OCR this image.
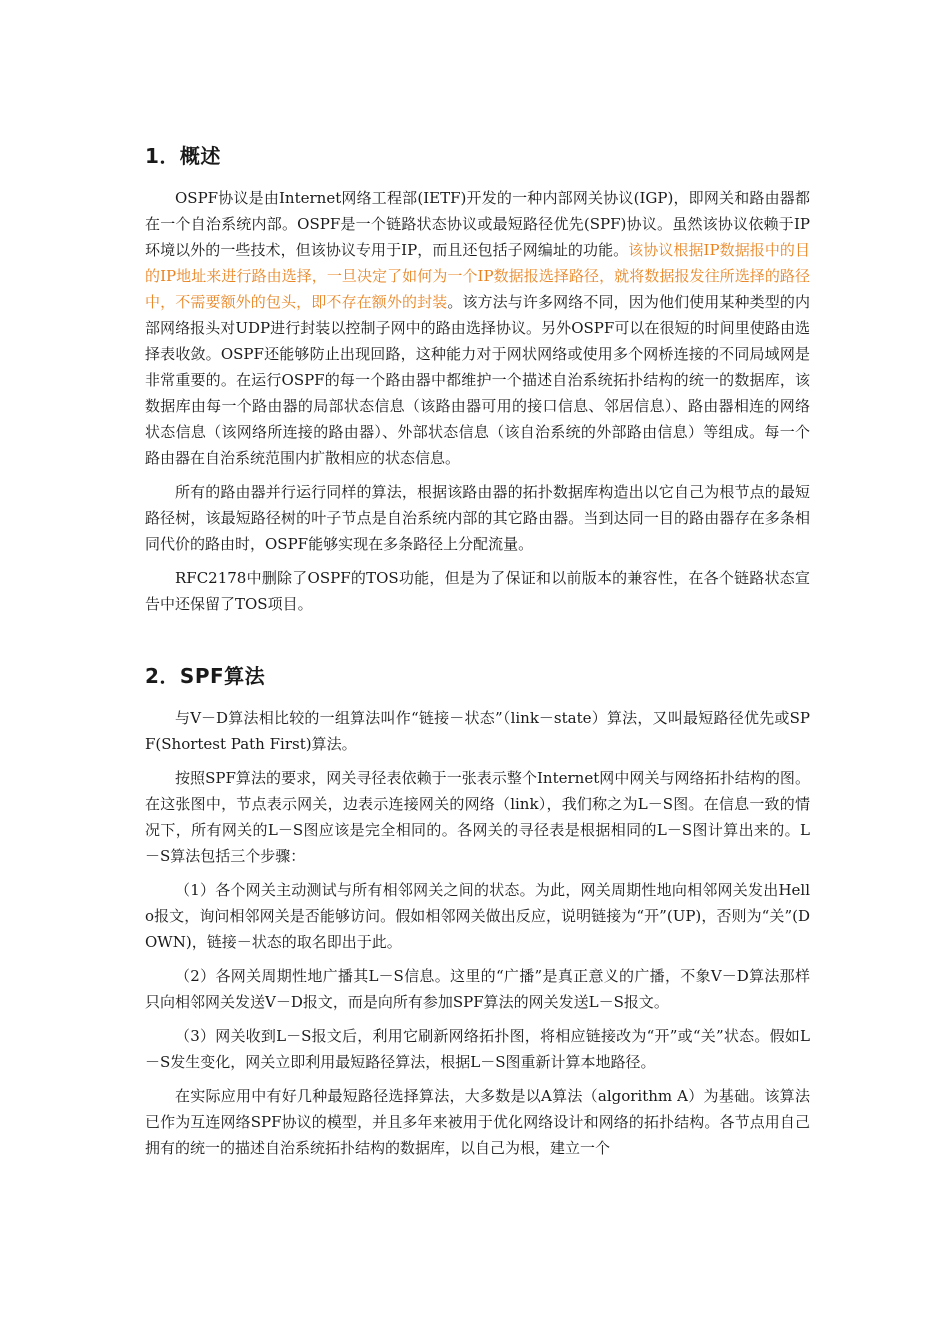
1．概述

OSPF协议是由Internet网络工程部(IETF)开发的一种内部网关协议(IGP)，即网关和路由器都在一个自治系统内部。OSPF是一个链路状态协议或最短路径优先(SPF)协议。虽然该协议依赖于IP环境以外的一些技术，但该协议专用于IP，而且还包括子网编址的功能。该协议根据IP数据报中的目的IP地址来进行路由选择，一旦决定了如何为一个IP数据报选择路径，就将数据报发往所选择的路径中，不需要额外的包头，即不存在额外的封装。该方法与许多网络不同，因为他们使用某种类型的内部网络报头对UDP进行封装以控制子网中的路由选择协议。另外OSPF可以在很短的时间里使路由选择表收敛。OSPF还能够防止出现回路，这种能力对于网状网络或使用多个网桥连接的不同局域网是非常重要的。在运行OSPF的每一个路由器中都维护一个描述自治系统拓扑结构的统一的数据库，该数据库由每一个路由器的局部状态信息（该路由器可用的接口信息、邻居信息）、路由器相连的网络状态信息（该网络所连接的路由器）、外部状态信息（该自治系统的外部路由信息）等组成。每一个路由器在自治系统范围内扩散相应的状态信息。

所有的路由器并行运行同样的算法，根据该路由器的拓扑数据库构造出以它自己为根节点的最短路径树，该最短路径树的叶子节点是自治系统内部的其它路由器。当到达同一目的路由器存在多条相同代价的路由时，OSPF能够实现在多条路径上分配流量。

RFC2178中删除了OSPF的TOS功能，但是为了保证和以前版本的兼容性，在各个链路状态宣告中还保留了TOS项目。

2．SPF算法

与V－D算法相比较的一组算法叫作“链接－状态”（link－state）算法，又叫最短路径优先或SPF(Shortest Path First)算法。

按照SPF算法的要求，网关寻径表依赖于一张表示整个Internet网中网关与网络拓扑结构的图。在这张图中，节点表示网关，边表示连接网关的网络（link），我们称之为L－S图。在信息一致的情况下，所有网关的L－S图应该是完全相同的。各网关的寻径表是根据相同的L－S图计算出来的。L－S算法包括三个步骤：

（1）各个网关主动测试与所有相邻网关之间的状态。为此，网关周期性地向相邻网关发出Hello报文，询问相邻网关是否能够访问。假如相邻网关做出反应，说明链接为“开”(UP)，否则为“关”(DOWN)，链接－状态的取名即出于此。

（2）各网关周期性地广播其L－S信息。这里的“广播”是真正意义的广播，不象V－D算法那样只向相邻网关发送V－D报文，而是向所有参加SPF算法的网关发送L－S报文。

（3）网关收到L－S报文后，利用它刷新网络拓扑图，将相应链接改为“开”或“关”状态。假如L－S发生变化，网关立即利用最短路径算法，根据L－S图重新计算本地路径。

在实际应用中有好几种最短路径选择算法，大多数是以A算法（algorithm A）为基础。该算法已作为互连网络SPF协议的模型，并且多年来被用于优化网络设计和网络的拓扑结构。各节点用自己拥有的统一的描述自治系统拓扑结构的数据库，以自己为根，建立一个
